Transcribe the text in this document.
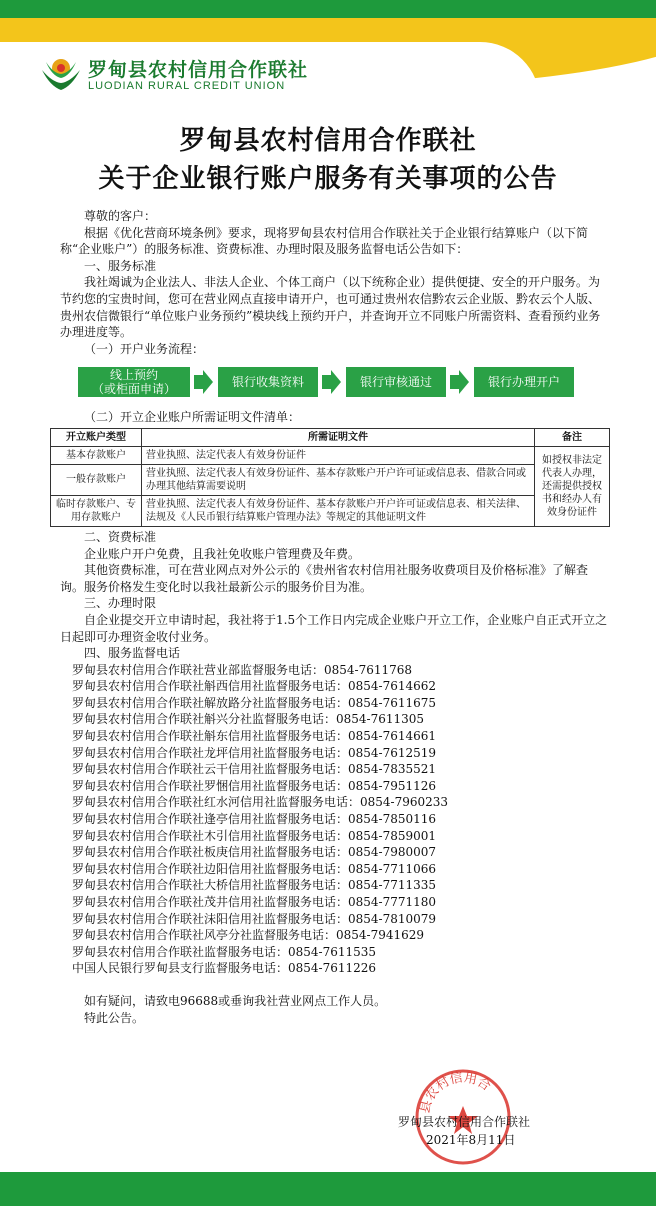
罗甸县农村信用合作联社
LUODIAN RURAL CREDIT UNION
罗甸县农村信用合作联社
关于企业银行账户服务有关事项的公告

尊敬的客户：

根据《优化营商环境条例》要求，现将罗甸县农村信用合作联社关于企业银行结算账户（以下简称“企业账户”）的服务标准、资费标准、办理时限及服务监督电话公告如下：

一、服务标准

我社竭诚为企业法人、非法人企业、个体工商户（以下统称企业）提供便捷、安全的开户服务。为节约您的宝贵时间，您可在营业网点直接申请开户，也可通过贵州农信黔农云企业版、黔农云个人版、贵州农信微银行“单位账户业务预约”模块线上预约开户，并查询开立不同账户所需资料、查看预约业务办理进度等。

（一）开户业务流程：

线上预约
（或柜面申请）	银行收集资料	银行审核通过	银行办理开户

（二）开立企业账户所需证明文件清单：

开立账户类型	所需证明文件	备注
基本存款账户	营业执照、法定代表人有效身份证件	如授权非法定代表人办理，还需提供授权书和经办人有效身份证件
一般存款账户	营业执照、法定代表人有效身份证件、基本存款账户开户许可证或信息表、借款合同或办理其他结算需要说明	
临时存款账户、专用存款账户	营业执照、法定代表人有效身份证件、基本存款账户开户许可证或信息表、相关法律、法规及《人民币银行结算账户管理办法》等规定的其他证明文件	

二、资费标准

企业账户开户免费，且我社免收账户管理费及年费。

其他资费标准，可在营业网点对外公示的《贵州省农村信用社服务收费项目及价格标准》了解查询。服务价格发生变化时以我社最新公示的服务价目为准。

三、办理时限

自企业提交开立申请时起，我社将于1.5个工作日内完成企业账户开立工作，企业账户自正式开立之日起即可办理资金收付业务。

四、服务监督电话

罗甸县农村信用合作联社营业部监督服务电话：0854-7611768

罗甸县农村信用合作联社斛西信用社监督服务电话：0854-7614662

罗甸县农村信用合作联社解放路分社监督服务电话：0854-7611675

罗甸县农村信用合作联社斛兴分社监督服务电话：0854-7611305

罗甸县农村信用合作联社斛东信用社监督服务电话：0854-7614661

罗甸县农村信用合作联社龙坪信用社监督服务电话：0854-7612519

罗甸县农村信用合作联社云干信用社监督服务电话：0854-7835521

罗甸县农村信用合作联社罗悃信用社监督服务电话：0854-7951126

罗甸县农村信用合作联社红水河信用社监督服务电话：0854-7960233

罗甸县农村信用合作联社逢亭信用社监督服务电话：0854-7850116

罗甸县农村信用合作联社木引信用社监督服务电话：0854-7859001

罗甸县农村信用合作联社板庚信用社监督服务电话：0854-7980007

罗甸县农村信用合作联社边阳信用社监督服务电话：0854-7711066

罗甸县农村信用合作联社大桥信用社监督服务电话：0854-7711335

罗甸县农村信用合作联社茂井信用社监督服务电话：0854-7771180

罗甸县农村信用合作联社沫阳信用社监督服务电话：0854-7810079

罗甸县农村信用合作联社风亭分社监督服务电话：0854-7941629

罗甸县农村信用合作联社监督服务电话：0854-7611535

中国人民银行罗甸县支行监督服务电话：0854-7611226

如有疑问，请致电96688或垂询我社营业网点工作人员。

特此公告。

县农村信用合
罗甸县农村信用合作联社
2021年8月11日
